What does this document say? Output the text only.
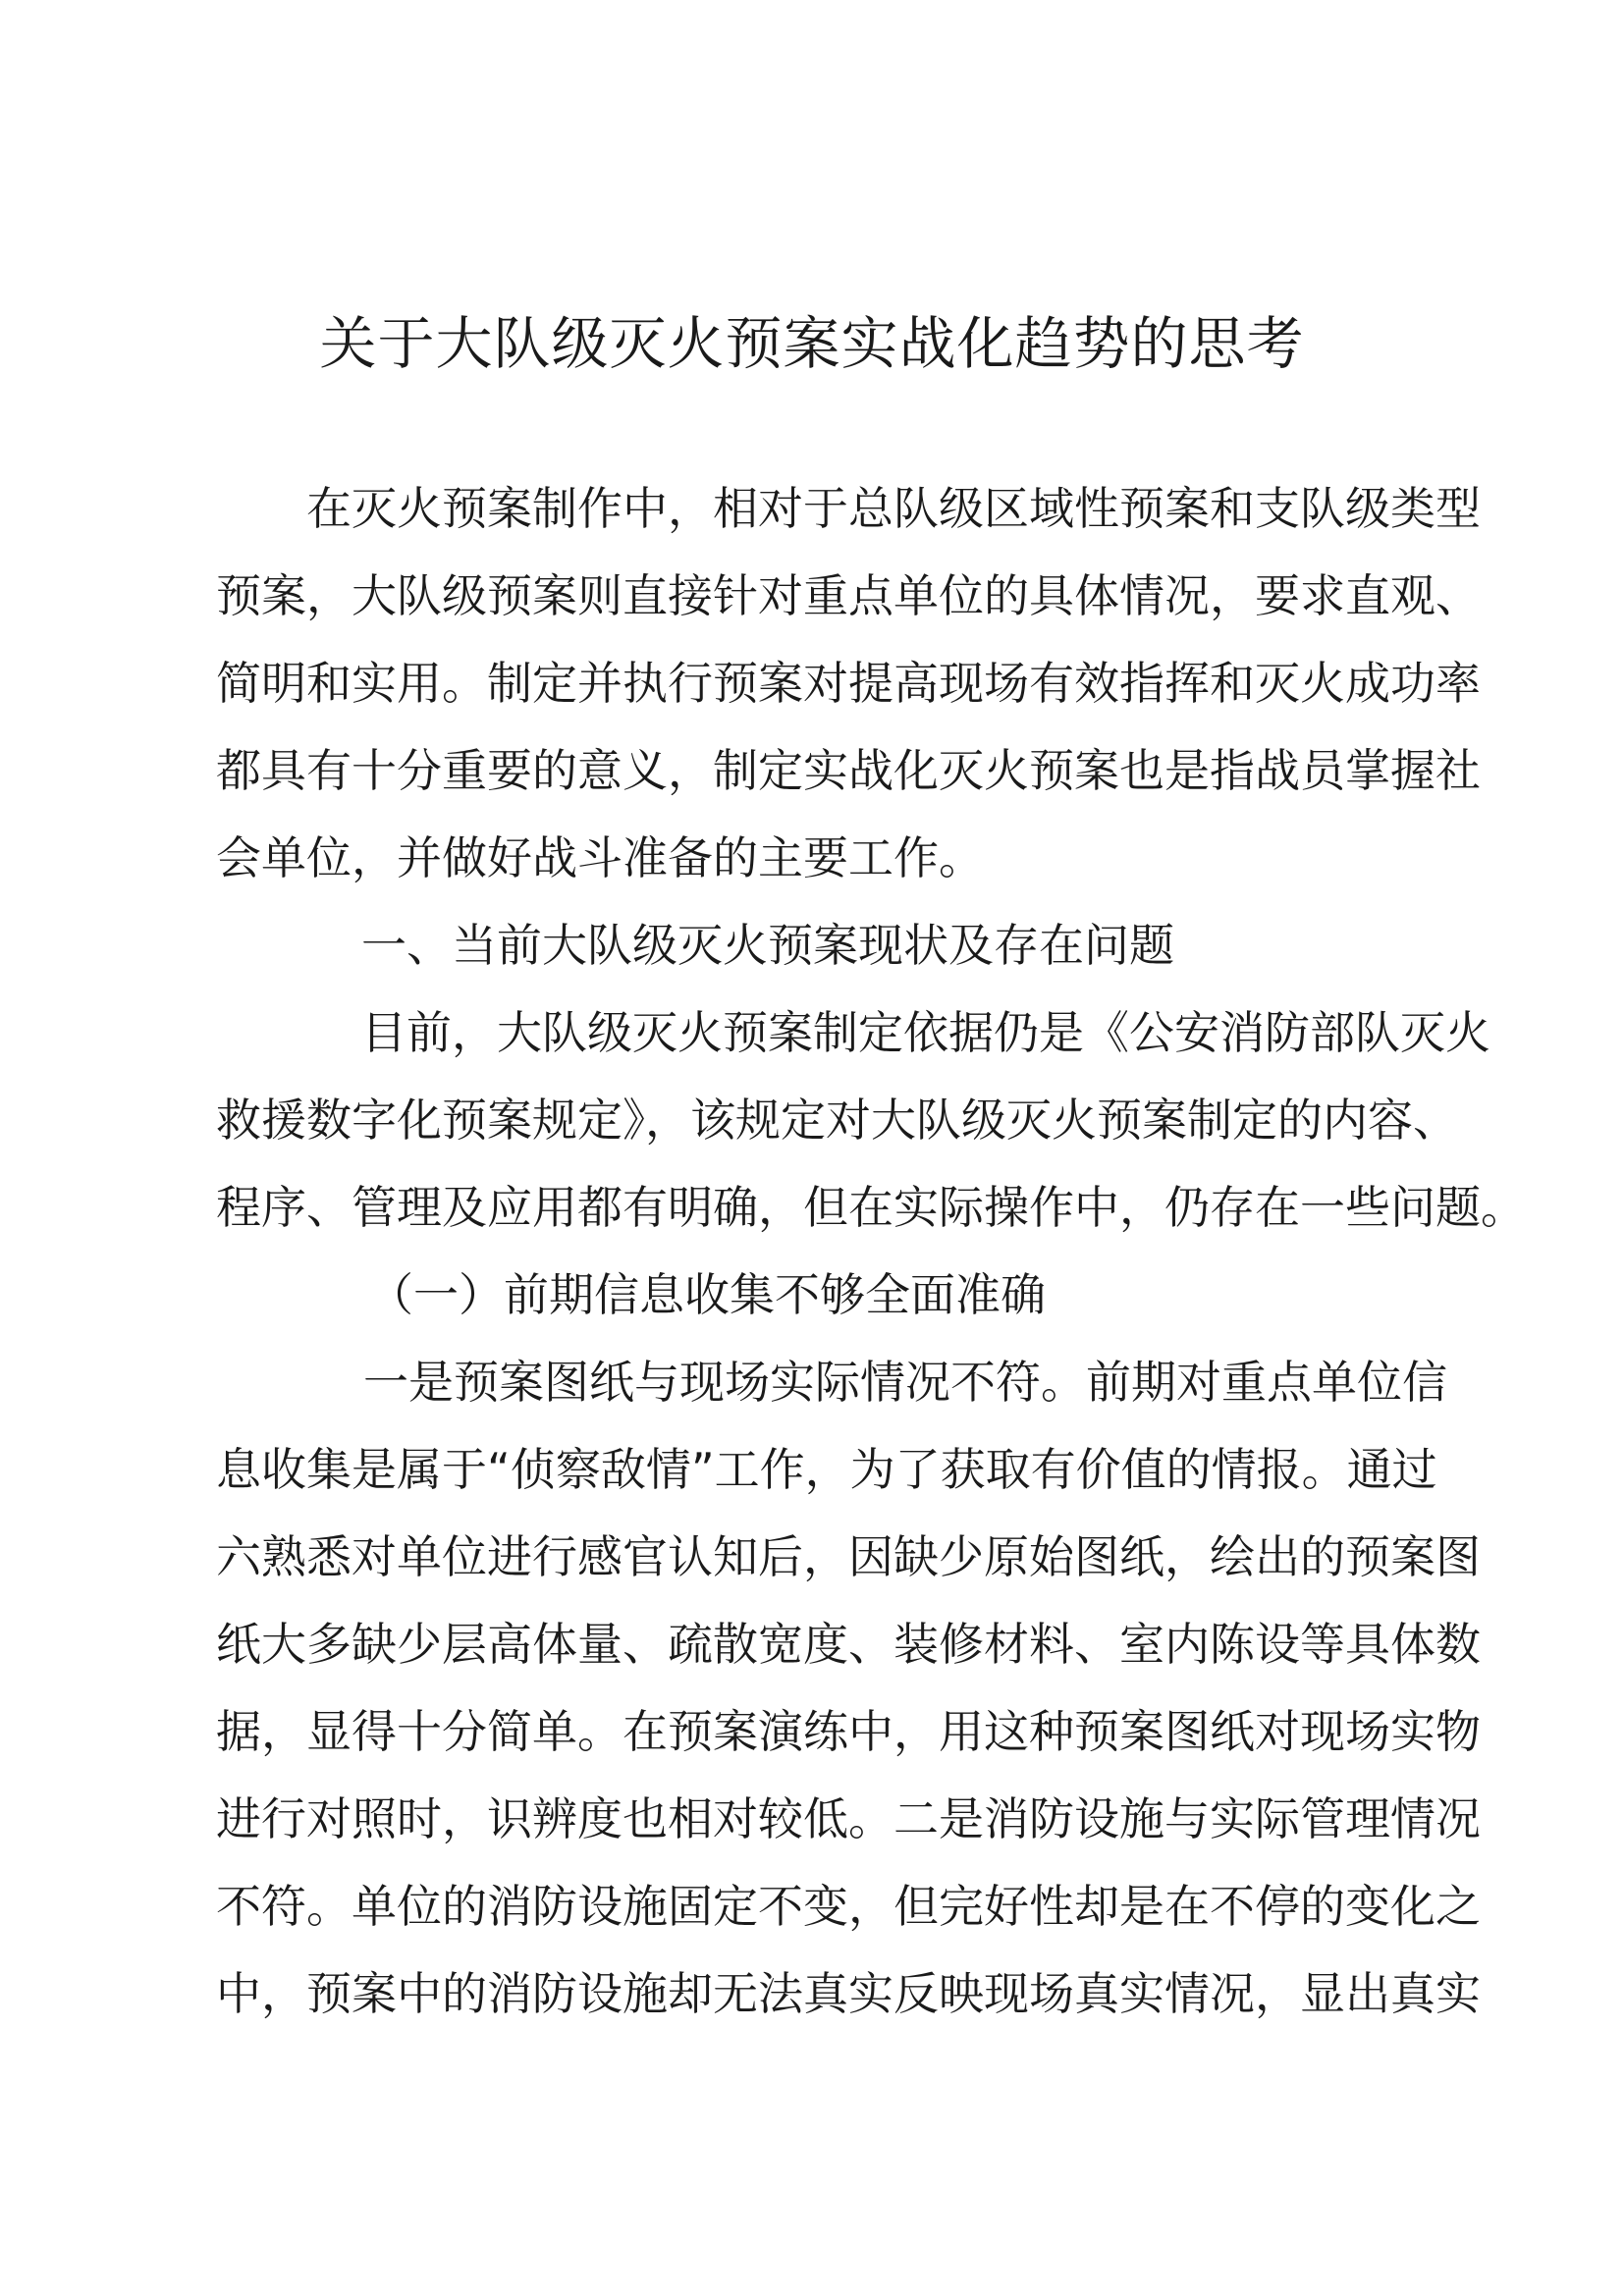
关于大队级灭火预案实战化趋势的思考
在灭火预案制作中，相对于总队级区域性预案和支队级类型
预案，大队级预案则直接针对重点单位的具体情况，要求直观、
简明和实用。制定并执行预案对提高现场有效指挥和灭火成功率
都具有十分重要的意义，制定实战化灭火预案也是指战员掌握社
会单位，并做好战斗准备的主要工作。
一、当前大队级灭火预案现状及存在问题
目前，大队级灭火预案制定依据仍是《公安消防部队灭火
救援数字化预案规定》，该规定对大队级灭火预案制定的内容、
程序、管理及应用都有明确，但在实际操作中，仍存在一些问题。
（一）前期信息收集不够全面准确
一是预案图纸与现场实际情况不符。前期对重点单位信
息收集是属于“侦察敌情”工作，为了获取有价值的情报。通过
六熟悉对单位进行感官认知后，因缺少原始图纸，绘出的预案图
纸大多缺少层高体量、疏散宽度、装修材料、室内陈设等具体数
据，显得十分简单。在预案演练中，用这种预案图纸对现场实物
进行对照时，识辨度也相对较低。二是消防设施与实际管理情况
不符。单位的消防设施固定不变，但完好性却是在不停的变化之
中，预案中的消防设施却无法真实反映现场真实情况，显出真实
